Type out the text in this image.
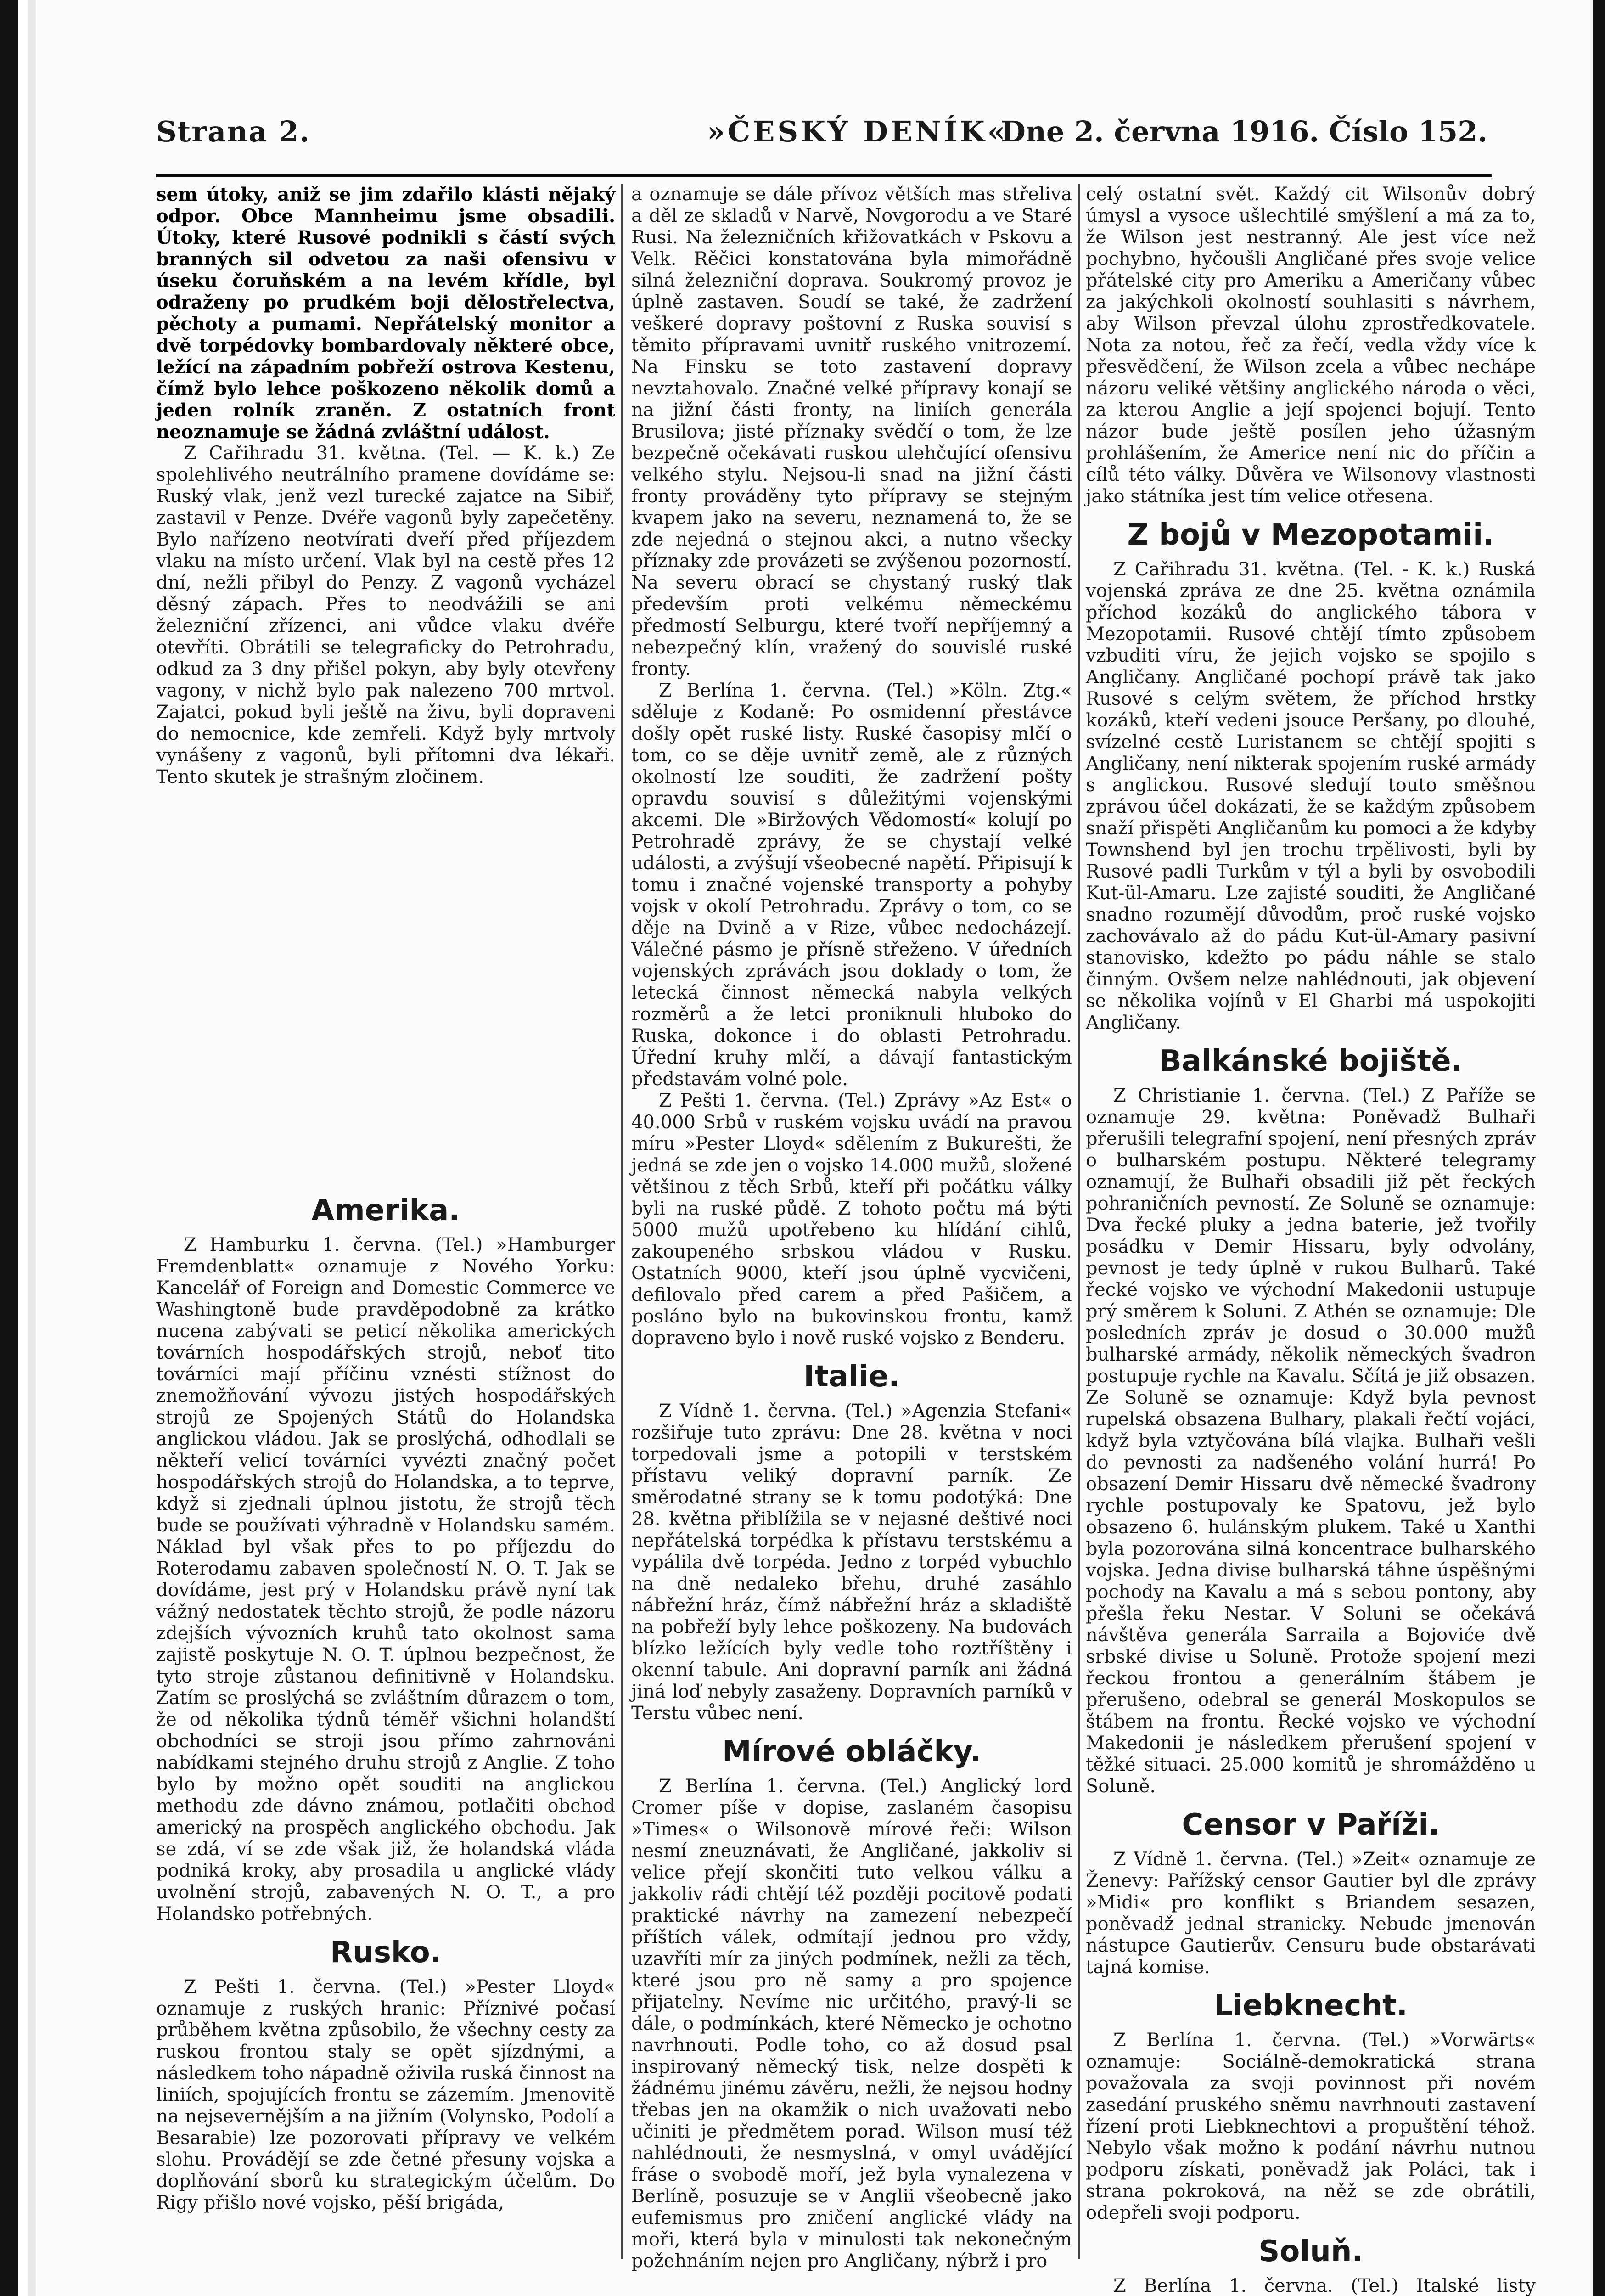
Strana 2.	»ČESKÝ DENÍK«
Dne 2. června 1916. Číslo 152.

sem útoky, aniž se jim zdařilo klásti nějaký odpor. Obce Mannheimu jsme obsadili. Útoky, které Rusové podnikli s částí svých branných sil odvetou za naši ofensivu v úseku čoruňském a na levém křídle, byl odraženy po prudkém boji dělostřelectva, pěchoty a pumami. Nepřátelský monitor a dvě torpédovky bombardovaly některé obce, ležící na západním pobřeží ostrova Kestenu, čímž bylo lehce poškozeno několik domů a jeden rolník zraněn. Z ostatních front neoznamuje se žádná zvláštní událost.

Z Cařihradu 31. května. (Tel. — K. k.) Ze spolehlivého neutrálního pramene dovídáme se: Ruský vlak, jenž vezl turecké zajatce na Sibiř, zastavil v Penze. Dvéře vagonů byly zapečetěny. Bylo nařízeno neotvírati dveří před příjezdem vlaku na místo určení. Vlak byl na cestě přes 12 dní, nežli přibyl do Penzy. Z vagonů vycházel děsný zápach. Přes to neodvážili se ani železniční zřízenci, ani vůdce vlaku dvéře otevříti. Obrátili se telegraficky do Petrohradu, odkud za 3 dny přišel pokyn, aby byly otevřeny vagony, v nichž bylo pak nalezeno 700 mrtvol. Zajatci, pokud byli ještě na živu, byli dopraveni do nemocnice, kde zemřeli. Když byly mrtvoly vynášeny z vagonů, byli přítomni dva lékaři. Tento skutek je strašným zločinem.

Amerika.

Z Hamburku 1. června. (Tel.) »Hamburger Fremdenblatt« oznamuje z Nového Yorku: Kancelář of Foreign and Domestic Commerce ve Washingtoně bude pravděpodobně za krátko nucena zabývati se peticí několika amerických továrních hospodářských strojů, neboť tito továrníci mají příčinu vznésti stížnost do znemožňování vývozu jistých hospodářských strojů ze Spojených Států do Holandska anglickou vládou. Jak se proslýchá, odhodlali se někteří velicí továrníci vyvézti značný počet hospodářských strojů do Holandska, a to teprve, když si zjednali úplnou jistotu, že strojů těch bude se používati výhradně v Holandsku samém. Náklad byl však přes to po příjezdu do Roterodamu zabaven společností N. O. T. Jak se dovídáme, jest prý v Holandsku právě nyní tak vážný nedostatek těchto strojů, že podle názoru zdejších vývozních kruhů tato okolnost sama zajistě poskytuje N. O. T. úplnou bezpečnost, že tyto stroje zůstanou definitivně v Holandsku. Zatím se proslýchá se zvláštním důrazem o tom, že od několika týdnů téměř všichni holandští obchodníci se stroji jsou přímo zahrnováni nabídkami stejného druhu strojů z Anglie. Z toho bylo by možno opět souditi na anglickou methodu zde dávno známou, potlačiti obchod americký na prospěch anglického obchodu. Jak se zdá, ví se zde však již, že holandská vláda podniká kroky, aby prosadila u anglické vlády uvolnění strojů, zabavených N. O. T., a pro Holandsko potřebných.

Rusko.

Z Pešti 1. června. (Tel.) »Pester Lloyd« oznamuje z ruských hranic: Příznivé počasí průběhem května způsobilo, že všechny cesty za ruskou frontou staly se opět sjízdnými, a následkem toho nápadně oživila ruská činnost na liniích, spojujících frontu se zázemím. Jmenovitě na nejsevernějším a na jižním (Volynsko, Podolí a Besarabie) lze pozorovati přípravy ve velkém slohu. Provádějí se zde četné přesuny vojska a doplňování sborů ku strategickým účelům. Do Rigy přišlo nové vojsko, pěší brigáda,

a oznamuje se dále přívoz větších mas střeliva a děl ze skladů v Narvě, Novgorodu a ve Staré Rusi. Na železničních křižovatkách v Pskovu a Velk. Rěčici konstatována byla mimořádně silná železniční doprava. Soukromý provoz je úplně zastaven. Soudí se také, že zadržení veškeré dopravy poštovní z Ruska souvisí s těmito přípravami uvnitř ruského vnitrozemí. Na Finsku se toto zastavení dopravy nevztahovalo. Značné velké přípravy konají se na jižní části fronty, na liniích generála Brusilova; jisté příznaky svědčí o tom, že lze bezpečně očekávati ruskou ulehčující ofensivu velkého stylu. Nejsou-li snad na jižní části fronty prováděny tyto přípravy se stejným kvapem jako na severu, neznamená to, že se zde nejedná o stejnou akci, a nutno všecky příznaky zde provázeti se zvýšenou pozorností. Na severu obrací se chystaný ruský tlak především proti velkému německému předmostí Selburgu, které tvoří nepříjemný a nebezpečný klín, vražený do souvislé ruské fronty.

Z Berlína 1. června. (Tel.) »Köln. Ztg.« sděluje z Kodaně: Po osmidenní přestávce došly opět ruské listy. Ruské časopisy mlčí o tom, co se děje uvnitř země, ale z různých okolností lze souditi, že zadržení pošty opravdu souvisí s důležitými vojenskými akcemi. Dle »Biržových Vědomostí« kolují po Petrohradě zprávy, že se chystají velké události, a zvýšují všeobecné napětí. Připisují k tomu i značné vojenské transporty a pohyby vojsk v okolí Petrohradu. Zprávy o tom, co se děje na Dvině a v Rize, vůbec nedocházejí. Válečné pásmo je přísně střeženo. V úředních vojenských zprávách jsou doklady o tom, že letecká činnost německá nabyla velkých rozměrů a že letci proniknuli hluboko do Ruska, dokonce i do oblasti Petrohradu. Úřední kruhy mlčí, a dávají fantastickým představám volné pole.

Z Pešti 1. června. (Tel.) Zprávy »Az Est« o 40.000 Srbů v ruském vojsku uvádí na pravou míru »Pester Lloyd« sdělením z Bukurešti, že jedná se zde jen o vojsko 14.000 mužů, složené většinou z těch Srbů, kteří při počátku války byli na ruské půdě. Z tohoto počtu má býti 5000 mužů upotřebeno ku hlídání cihlů, zakoupeného srbskou vládou v Rusku. Ostatních 9000, kteří jsou úplně vycvičeni, defilovalo před carem a před Pašičem, a posláno bylo na bukovinskou frontu, kamž dopraveno bylo i nově ruské vojsko z Benderu.

Italie.

Z Vídně 1. června. (Tel.) »Agenzia Stefani« rozšiřuje tuto zprávu: Dne 28. května v noci torpedovali jsme a potopili v terstském přístavu veliký dopravní parník. Ze směrodatné strany se k tomu podotýká: Dne 28. května přiblížila se v nejasné deštivé noci nepřátelská torpédka k přístavu terstskému a vypálila dvě torpéda. Jedno z torpéd vybuchlo na dně nedaleko břehu, druhé zasáhlo nábřežní hráz, čímž nábřežní hráz a skladiště na pobřeží byly lehce poškozeny. Na budovách blízko ležících byly vedle toho roztříštěny i okenní tabule. Ani dopravní parník ani žádná jiná loď nebyly zasaženy. Dopravních parníků v Terstu vůbec není.

Mírové obláčky.

Z Berlína 1. června. (Tel.) Anglický lord Cromer píše v dopise, zaslaném časopisu »Times« o Wilsonově mírové řeči: Wilson nesmí zneuznávati, že Angličané, jakkoliv si velice přejí skončiti tuto velkou válku a jakkoliv rádi chtějí též později pocitově podati praktické návrhy na zamezení nebezpečí příštích válek, odmítají jednou pro vždy, uzavříti mír za jiných podmínek, nežli za těch, které jsou pro ně samy a pro spojence přijatelny. Nevíme nic určitého, pravý-li se dále, o podmínkách, které Německo je ochotno navrhnouti. Podle toho, co až dosud psal inspirovaný německý tisk, nelze dospěti k žádnému jinému závěru, nežli, že nejsou hodny třebas jen na okamžik o nich uvažovati nebo učiniti je předmětem porad. Wilson musí též nahlédnouti, že nesmyslná, v omyl uvádějící fráse o svobodě moří, jež byla vynalezena v Berlíně, posuzuje se v Anglii všeobecně jako eufemismus pro zničení anglické vlády na moři, která byla v minulosti tak nekonečným požehnáním nejen pro Angličany, nýbrž i pro

celý ostatní svět. Každý cit Wilsonův dobrý úmysl a vysoce ušlechtilé smýšlení a má za to, že Wilson jest nestranný. Ale jest více než pochybno, hyčoušli Angličané přes svoje velice přátelské city pro Ameriku a Američany vůbec za jakýchkoli okolností souhlasiti s návrhem, aby Wilson převzal úlohu zprostředkovatele. Nota za notou, řeč za řečí, vedla vždy více k přesvědčení, že Wilson zcela a vůbec nechápe názoru veliké většiny anglického národa o věci, za kterou Anglie a její spojenci bojují. Tento názor bude ještě posílen jeho úžasným prohlášením, že Americe není nic do příčin a cílů této války. Důvěra ve Wilsonovy vlastnosti jako státníka jest tím velice otřesena.

Z bojů v Mezopotamii.

Z Cařihradu 31. května. (Tel. - K. k.) Ruská vojenská zpráva ze dne 25. května oznámila příchod kozáků do anglického tábora v Mezopotamii. Rusové chtějí tímto způsobem vzbuditi víru, že jejich vojsko se spojilo s Angličany. Angličané pochopí právě tak jako Rusové s celým světem, že příchod hrstky kozáků, kteří vedeni jsouce Peršany, po dlouhé, svízelné cestě Luristanem se chtějí spojiti s Angličany, není nikterak spojením ruské armády s anglickou. Rusové sledují touto směšnou zprávou účel dokázati, že se každým způsobem snaží přispěti Angličanům ku pomoci a že kdyby Townshend byl jen trochu trpělivosti, byli by Rusové padli Turkům v týl a byli by osvobodili Kut-ül-Amaru. Lze zajisté souditi, že Angličané snadno rozumějí důvodům, proč ruské vojsko zachovávalo až do pádu Kut-ül-Amary pasivní stanovisko, kdežto po pádu náhle se stalo činným. Ovšem nelze nahlédnouti, jak objevení se několika vojínů v El Gharbi má uspokojiti Angličany.

Balkánské bojiště.

Z Christianie 1. června. (Tel.) Z Paříže se oznamuje 29. května: Poněvadž Bulhaři přerušili telegrafní spojení, není přesných zpráv o bulharském postupu. Některé telegramy oznamují, že Bulhaři obsadili již pět řeckých pohraničních pevností. Ze Soluně se oznamuje: Dva řecké pluky a jedna baterie, jež tvořily posádku v Demir Hissaru, byly odvolány, pevnost je tedy úplně v rukou Bulharů. Také řecké vojsko ve východní Makedonii ustupuje prý směrem k Soluni. Z Athén se oznamuje: Dle posledních zpráv je dosud o 30.000 mužů bulharské armády, několik německých švadron postupuje rychle na Kavalu. Sčítá je již obsazen. Ze Soluně se oznamuje: Když byla pevnost rupelská obsazena Bulhary, plakali řečtí vojáci, když byla vztyčována bílá vlajka. Bulhaři vešli do pevnosti za nadšeného volání hurrá! Po obsazení Demir Hissaru dvě německé švadrony rychle postupovaly ke Spatovu, jež bylo obsazeno 6. hulánským plukem. Také u Xanthi byla pozorována silná koncentrace bulharského vojska. Jedna divise bulharská táhne úspěšnými pochody na Kavalu a má s sebou pontony, aby přešla řeku Nestar. V Soluni se očekává návštěva generála Sarraila a Bojoviće dvě srbské divise u Soluně. Protože spojení mezi řeckou frontou a generálním štábem je přerušeno, odebral se generál Moskopulos se štábem na frontu. Řecké vojsko ve východní Makedonii je následkem přerušení spojení v těžké situaci. 25.000 komitů je shromážděno u Soluně.

Censor v Paříži.

Z Vídně 1. června. (Tel.) »Zeit« oznamuje ze Ženevy: Pařížský censor Gautier byl dle zprávy »Midi« pro konflikt s Briandem sesazen, poněvadž jednal stranicky. Nebude jmenován nástupce Gautierův. Censuru bude obstarávati tajná komise.

Liebknecht.

Z Berlína 1. června. (Tel.) »Vorwärts« oznamuje: Sociálně-demokratická strana považovala za svoji povinnost při novém zasedání pruského sněmu navrhnouti zastavení řízení proti Liebknechtovi a propuštění téhož. Nebylo však možno k podání návrhu nutnou podporu získati, poněvadž jak Poláci, tak i strana pokroková, na něž se zde obrátili, odepřeli svoji podporu.

Soluň.

Z Berlína 1. června. (Tel.) Italské listy
